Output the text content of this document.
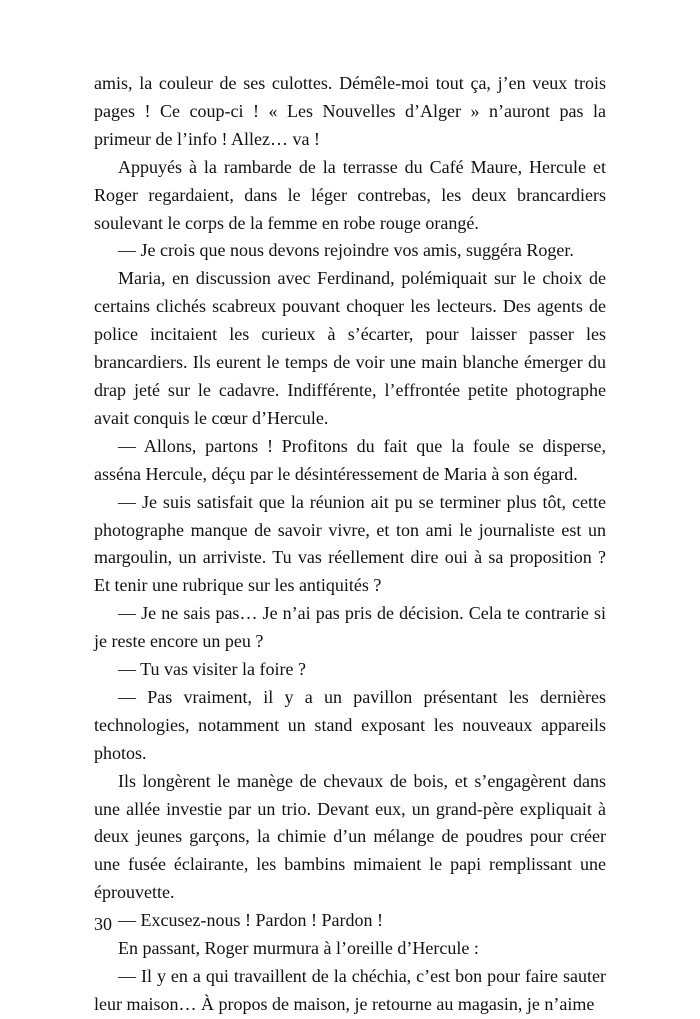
amis, la couleur de ses culottes. Démêle-moi tout ça, j’en veux trois pages ! Ce coup-ci ! « Les Nouvelles d’Alger » n’auront pas la primeur de l’info ! Allez… va !

Appuyés à la rambarde de la terrasse du Café Maure, Hercule et Roger regardaient, dans le léger contrebas, les deux brancardiers soulevant le corps de la femme en robe rouge orangé.

— Je crois que nous devons rejoindre vos amis, suggéra Roger.

Maria, en discussion avec Ferdinand, polémiquait sur le choix de certains clichés scabreux pouvant choquer les lecteurs. Des agents de police incitaient les curieux à s’écarter, pour laisser passer les brancardiers. Ils eurent le temps de voir une main blanche émerger du drap jeté sur le cadavre. Indifférente, l’effrontée petite photographe avait conquis le cœur d’Hercule.

— Allons, partons ! Profitons du fait que la foule se disperse, asséna Hercule, déçu par le désintéressement de Maria à son égard.

— Je suis satisfait que la réunion ait pu se terminer plus tôt, cette photographe manque de savoir vivre, et ton ami le journaliste est un margoulin, un arriviste. Tu vas réellement dire oui à sa proposition ? Et tenir une rubrique sur les antiquités ?

— Je ne sais pas… Je n’ai pas pris de décision. Cela te contrarie si je reste encore un peu ?

— Tu vas visiter la foire ?

— Pas vraiment, il y a un pavillon présentant les dernières technologies, notamment un stand exposant les nouveaux appareils photos.

Ils longèrent le manège de chevaux de bois, et s’engagèrent dans une allée investie par un trio. Devant eux, un grand-père expliquait à deux jeunes garçons, la chimie d’un mélange de poudres pour créer une fusée éclairante, les bambins mimaient le papi remplissant une éprouvette.

— Excusez-nous ! Pardon ! Pardon !

En passant, Roger murmura à l’oreille d’Hercule :

— Il y en a qui travaillent de la chéchia, c’est bon pour faire sauter leur maison… À propos de maison, je retourne au magasin, je n’aime

30
